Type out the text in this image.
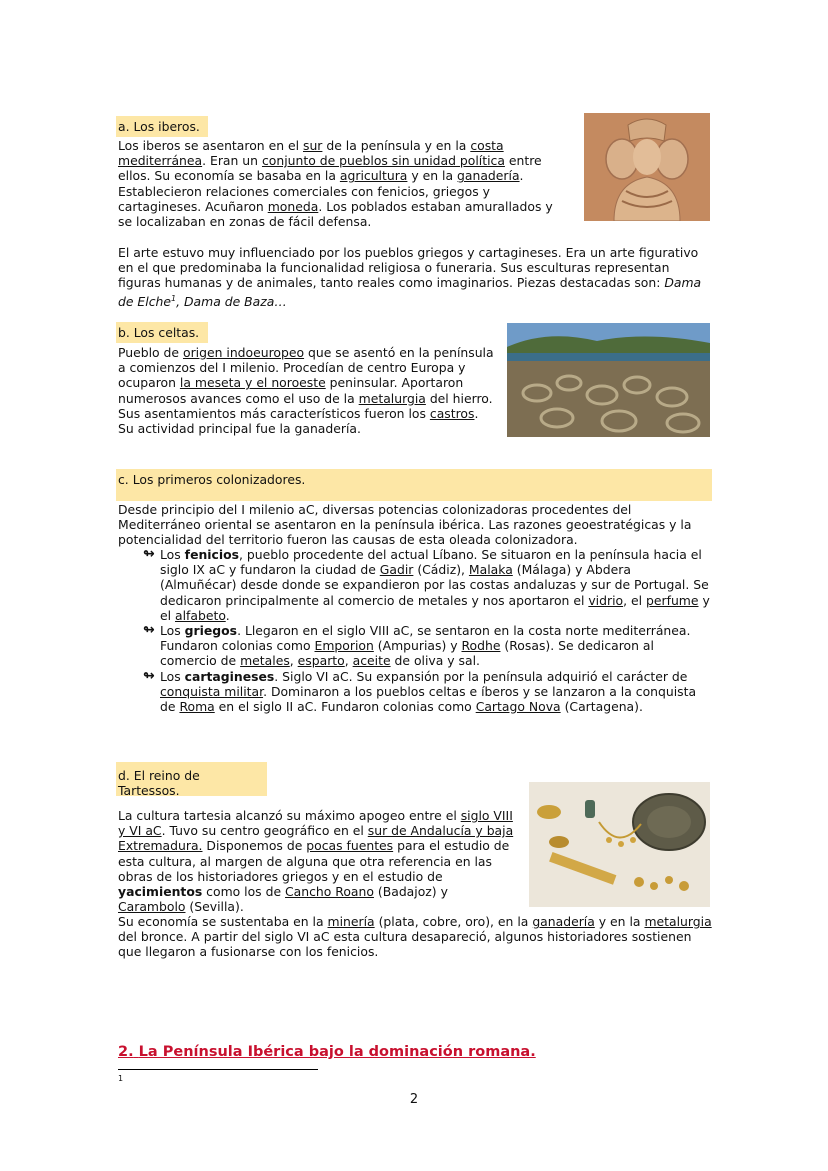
a. Los iberos.
Los iberos se asentaron en el sur de la península y en la costa mediterránea. Eran un conjunto de pueblos sin unidad política entre ellos. Su economía se basaba en la agricultura y en la ganadería. Establecieron relaciones comerciales con fenicios, griegos y cartagineses. Acuñaron moneda. Los poblados estaban amurallados y se localizaban en zonas de fácil defensa.
El arte estuvo muy influenciado por los pueblos griegos y cartagineses. Era un arte figurativo en el que predominaba la funcionalidad religiosa o funeraria. Sus esculturas representan figuras humanas y de animales, tanto reales como imaginarios. Piezas destacadas son: Dama de Elche$^1$, Dama de Baza…
b. Los celtas.
Pueblo de origen indoeuropeo que se asentó en la península a comienzos del I milenio. Procedían de centro Europa y ocuparon la meseta y el noroeste peninsular. Aportaron numerosos avances como el uso de la metalurgia del hierro. Sus asentamientos más característicos fueron los castros. Su actividad principal fue la ganadería.
c. Los primeros colonizadores.
Desde principio del I milenio aC, diversas potencias colonizadoras procedentes del Mediterráneo oriental se asentaron en la península ibérica. Las razones geoestratégicas y la potencialidad del territorio fueron las causas de esta oleada colonizadora.
↬ Los fenicios, pueblo procedente del actual Líbano. Se situaron en la península hacia el siglo IX aC y fundaron la ciudad de Gadir (Cádiz), Malaka (Málaga) y Abdera (Almuñécar) desde donde se expandieron por las costas andaluzas y sur de Portugal. Se dedicaron principalmente al comercio de metales y nos aportaron el vidrio, el perfume y el alfabeto.
↬ Los griegos. Llegaron en el siglo VIII aC, se sentaron en la costa norte mediterránea. Fundaron colonias como Emporion (Ampurias) y Rodhe (Rosas). Se dedicaron al comercio de metales, esparto, aceite de oliva y sal.
↬ Los cartagineses. Siglo VI aC. Su expansión por la península adquirió el carácter de conquista militar. Dominaron a los pueblos celtas e íberos y se lanzaron a la conquista de Roma en el siglo II aC. Fundaron colonias como Cartago Nova (Cartagena).
d. El reino de Tartessos.
La cultura tartesia alcanzó su máximo apogeo entre el siglo VIII y VI aC. Tuvo su centro geográfico en el sur de Andalucía y baja Extremadura. Disponemos de pocas fuentes para el estudio de esta cultura, al margen de alguna que otra referencia en las obras de los historiadores griegos y en el estudio de yacimientos como los de Cancho Roano (Badajoz) y Carambolo (Sevilla).
Su economía se sustentaba en la minería (plata, cobre, oro), en la ganadería y en la metalurgia del bronce. A partir del siglo VI aC esta cultura desapareció, algunos historiadores sostienen que llegaron a fusionarse con los fenicios.
2. La Península Ibérica bajo la dominación romana.
1
2
